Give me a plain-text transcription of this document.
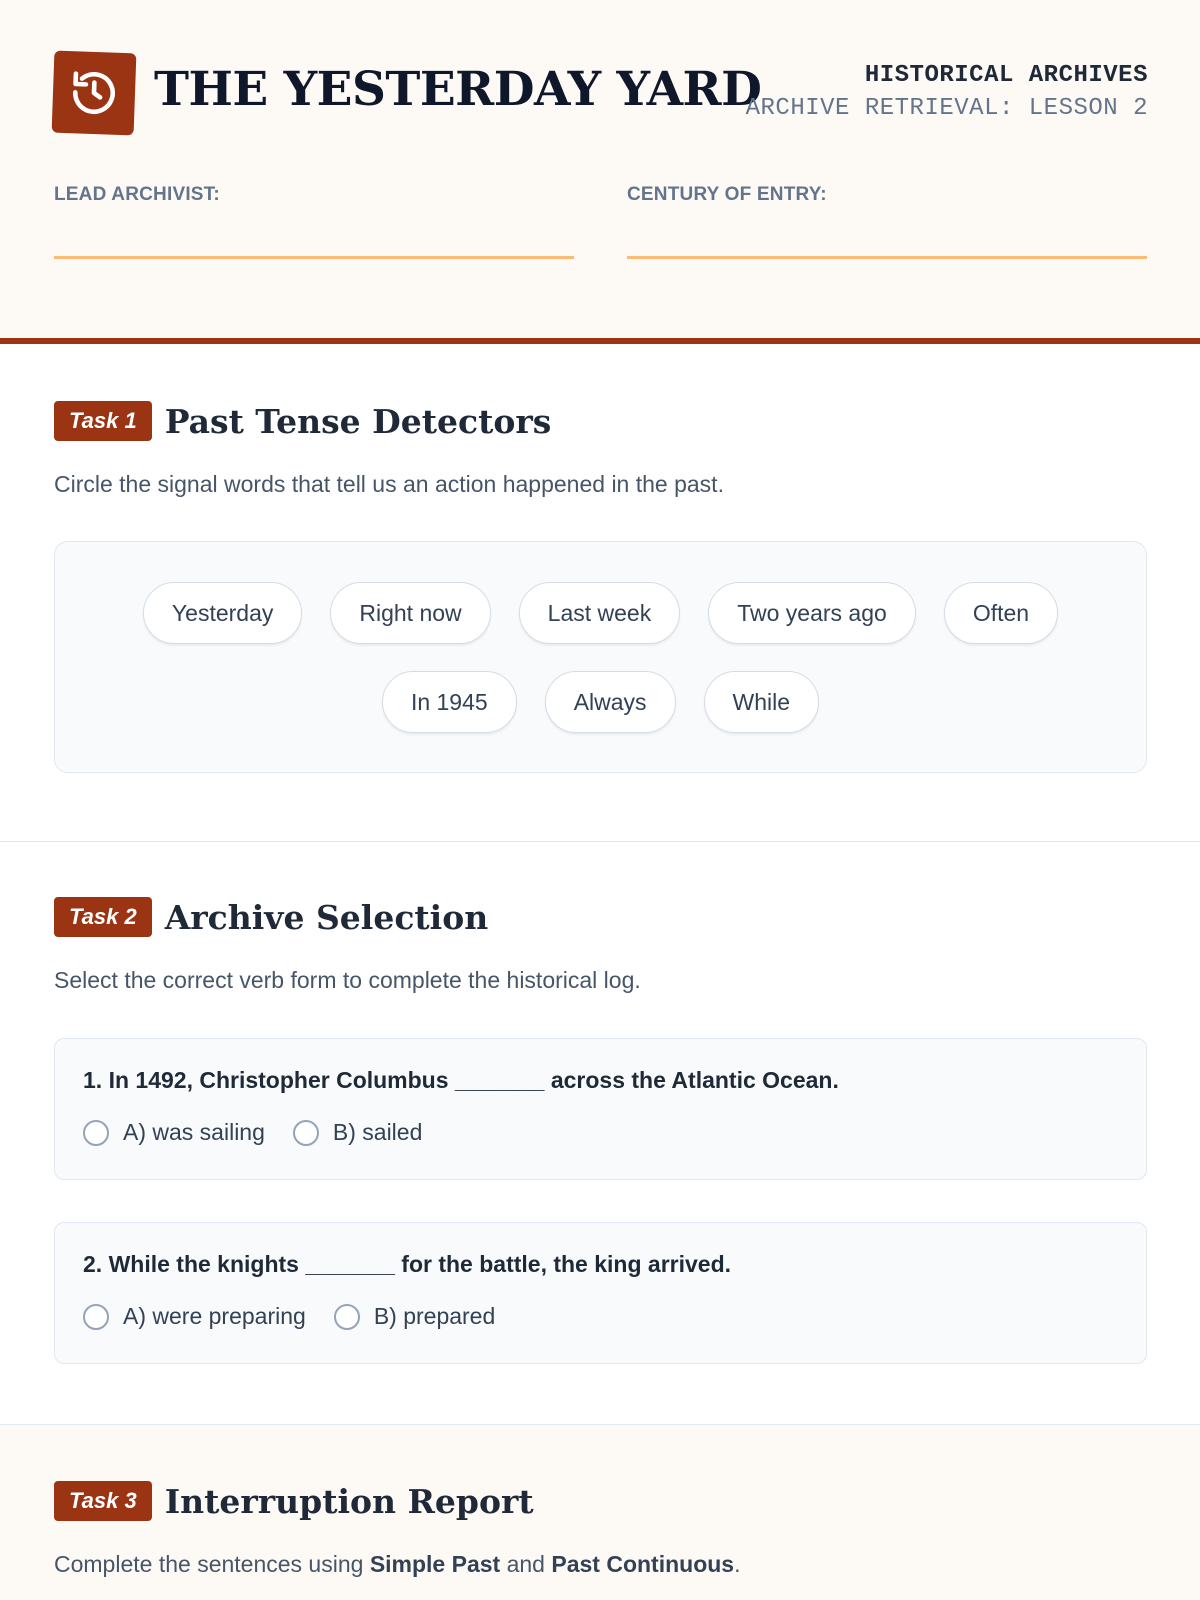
THE YESTERDAY YARD	HISTORICAL ARCHIVES
ARCHIVE RETRIEVAL: LESSON 2
LEAD ARCHIVIST:	CENTURY OF ENTRY:
Task 1 Past Tense Detectors
Circle the signal words that tell us an action happened in the past.
Yesterday	Right now	Last week	Two years ago	Often
In 1945	Always	While
Task 2 Archive Selection
Select the correct verb form to complete the historical log.
1. In 1492, Christopher Columbus _______ across the Atlantic Ocean.
A) was sailing	B) sailed
2. While the knights _______ for the battle, the king arrived.
A) were preparing	B) prepared
Task 3 Interruption Report
Complete the sentences using Simple Past and Past Continuous.
